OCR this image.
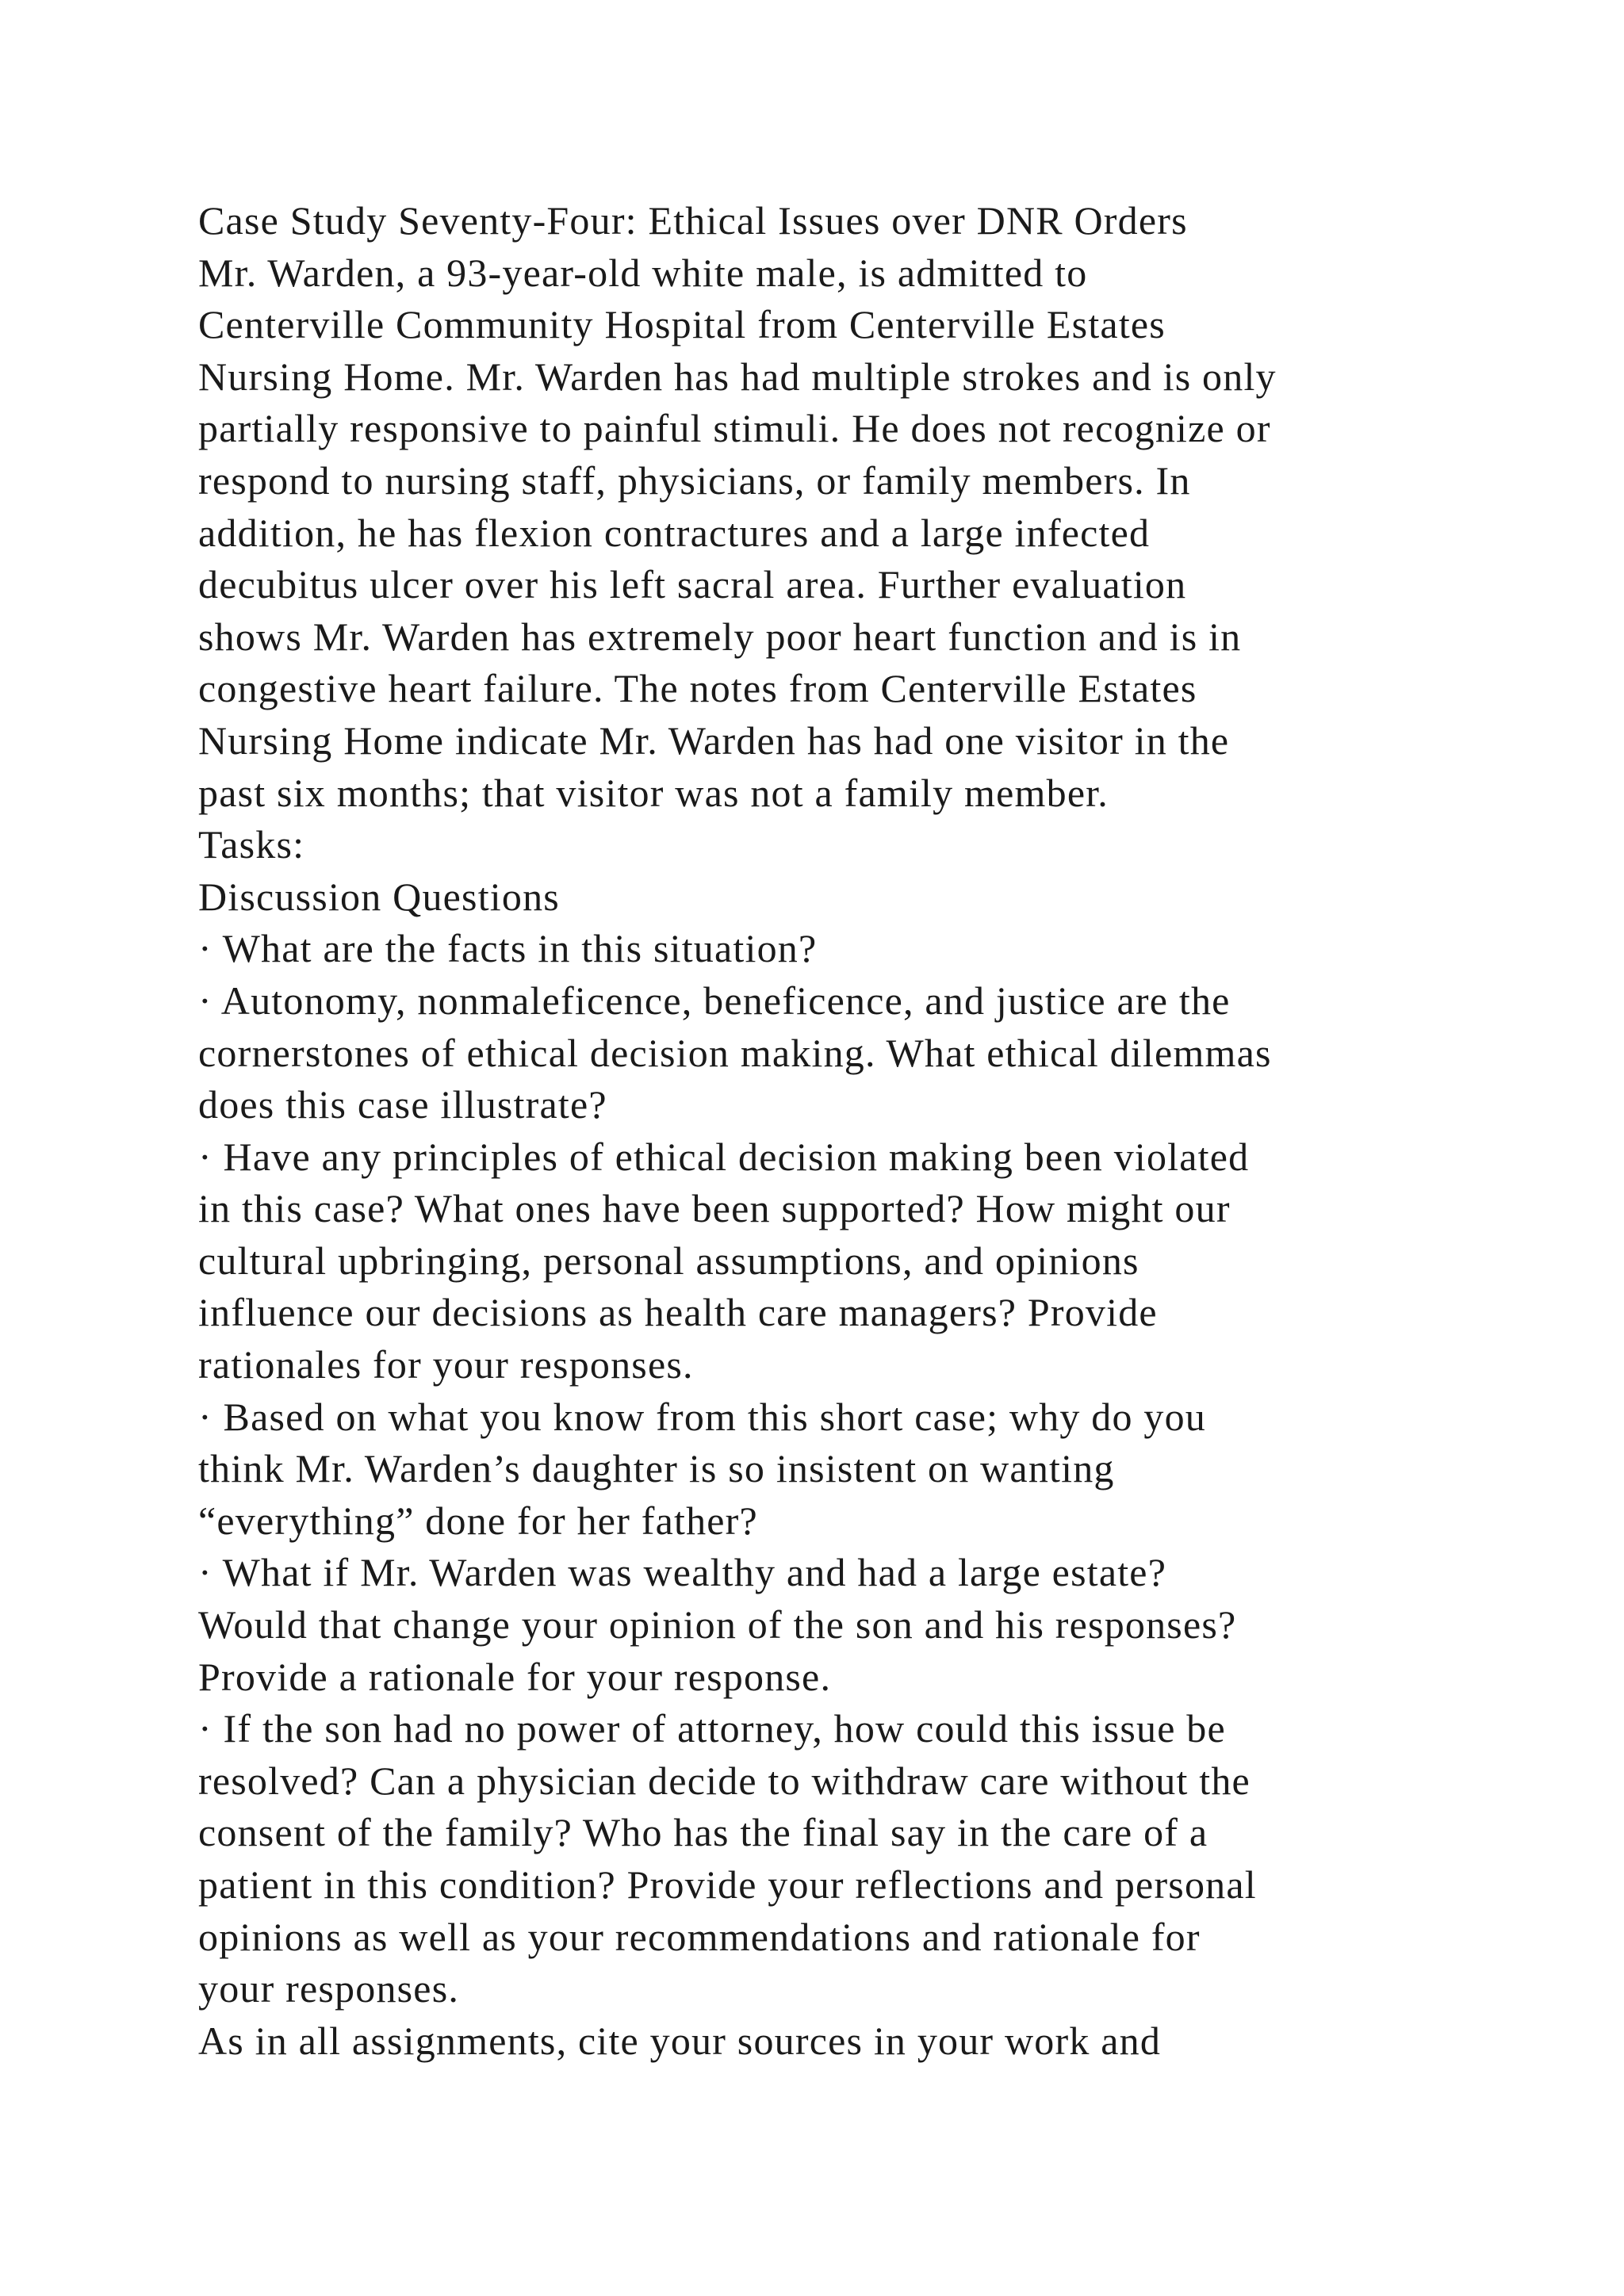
Case Study Seventy-Four: Ethical Issues over DNR Orders
Mr. Warden, a 93-year-old white male, is admitted to
Centerville Community Hospital from Centerville Estates
Nursing Home. Mr. Warden has had multiple strokes and is only
partially responsive to painful stimuli. He does not recognize or
respond to nursing staff, physicians, or family members. In
addition, he has flexion contractures and a large infected
decubitus ulcer over his left sacral area. Further evaluation
shows Mr. Warden has extremely poor heart function and is in
congestive heart failure. The notes from Centerville Estates
Nursing Home indicate Mr. Warden has had one visitor in the
past six months; that visitor was not a family member.
Tasks:
Discussion Questions
· What are the facts in this situation?
· Autonomy, nonmaleficence, beneficence, and justice are the
cornerstones of ethical decision making. What ethical dilemmas
does this case illustrate?
· Have any principles of ethical decision making been violated
in this case? What ones have been supported? How might our
cultural upbringing, personal assumptions, and opinions
influence our decisions as health care managers? Provide
rationales for your responses.
· Based on what you know from this short case; why do you
think Mr. Warden’s daughter is so insistent on wanting
“everything” done for her father?
· What if Mr. Warden was wealthy and had a large estate?
Would that change your opinion of the son and his responses?
Provide a rationale for your response.
· If the son had no power of attorney, how could this issue be
resolved? Can a physician decide to withdraw care without the
consent of the family? Who has the final say in the care of a
patient in this condition? Provide your reflections and personal
opinions as well as your recommendations and rationale for
your responses.
As in all assignments, cite your sources in your work and
